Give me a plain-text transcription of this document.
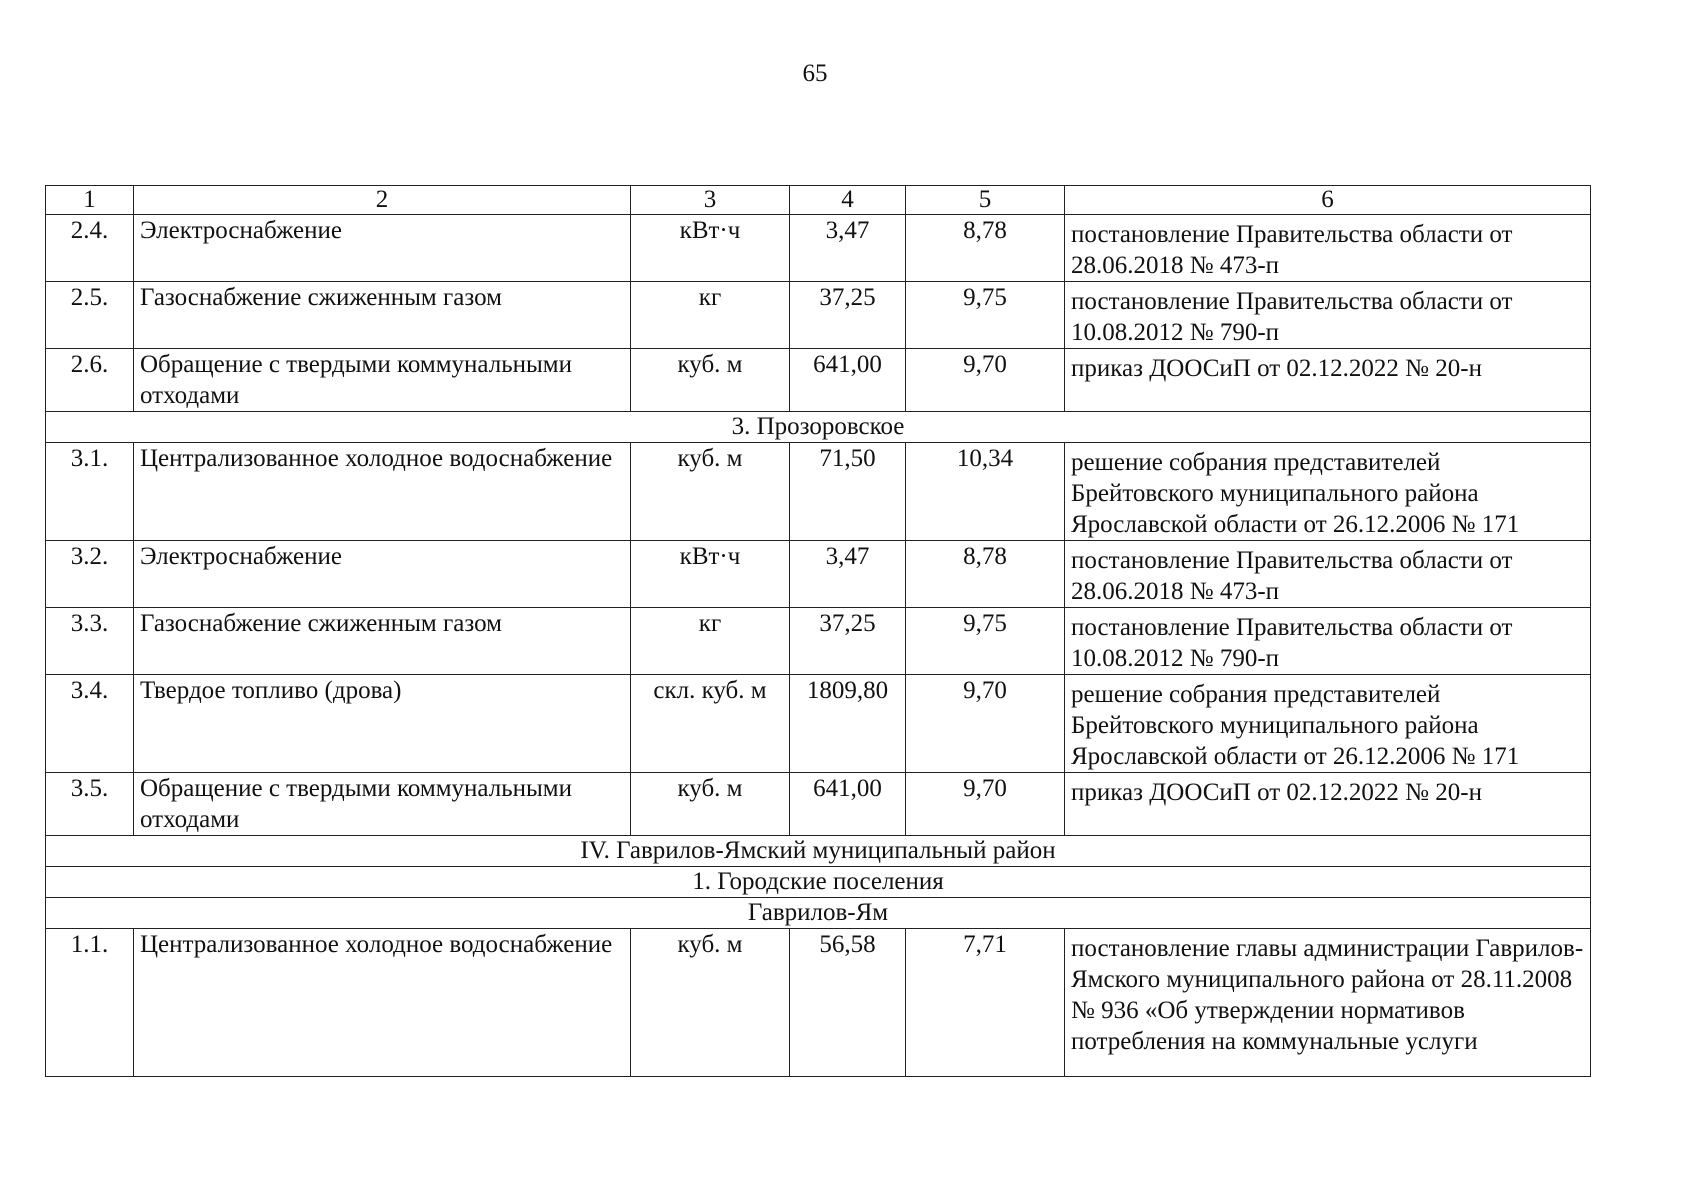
65
1	2	3	4	5	6
2.4.	Электроснабжение	кВт·ч	3,47	8,78	постановление Правительства области от 28.06.2018 № 473-п
2.5.	Газоснабжение сжиженным газом	кг	37,25	9,75	постановление Правительства области от 10.08.2012 № 790-п
2.6.	Обращение с твердыми коммунальными отходами	куб. м	641,00	9,70	приказ ДООСиП от 02.12.2022 № 20-н
3. Прозоровское					
3.1.	Централизованное холодное водоснабжение	куб. м	71,50	10,34	решение собрания представителей Брейтовского муниципального района Ярославской области от 26.12.2006 № 171
3.2.	Электроснабжение	кВт·ч	3,47	8,78	постановление Правительства области от 28.06.2018 № 473-п
3.3.	Газоснабжение сжиженным газом	кг	37,25	9,75	постановление Правительства области от 10.08.2012 № 790-п
3.4.	Твердое топливо (дрова)	скл. куб. м	1809,80	9,70	решение собрания представителей Брейтовского муниципального района Ярославской области от 26.12.2006 № 171
3.5.	Обращение с твердыми коммунальными отходами	куб. м	641,00	9,70	приказ ДООСиП от 02.12.2022 № 20-н
IV. Гаврилов-Ямский муниципальный район					
1. Городские поселения					
Гаврилов-Ям					
1.1.	Централизованное холодное водоснабжение	куб. м	56,58	7,71	постановление главы администрации Гаврилов-Ямского муниципального района от 28.11.2008 № 936 «Об утверждении нормативов потребления на коммунальные услуги
